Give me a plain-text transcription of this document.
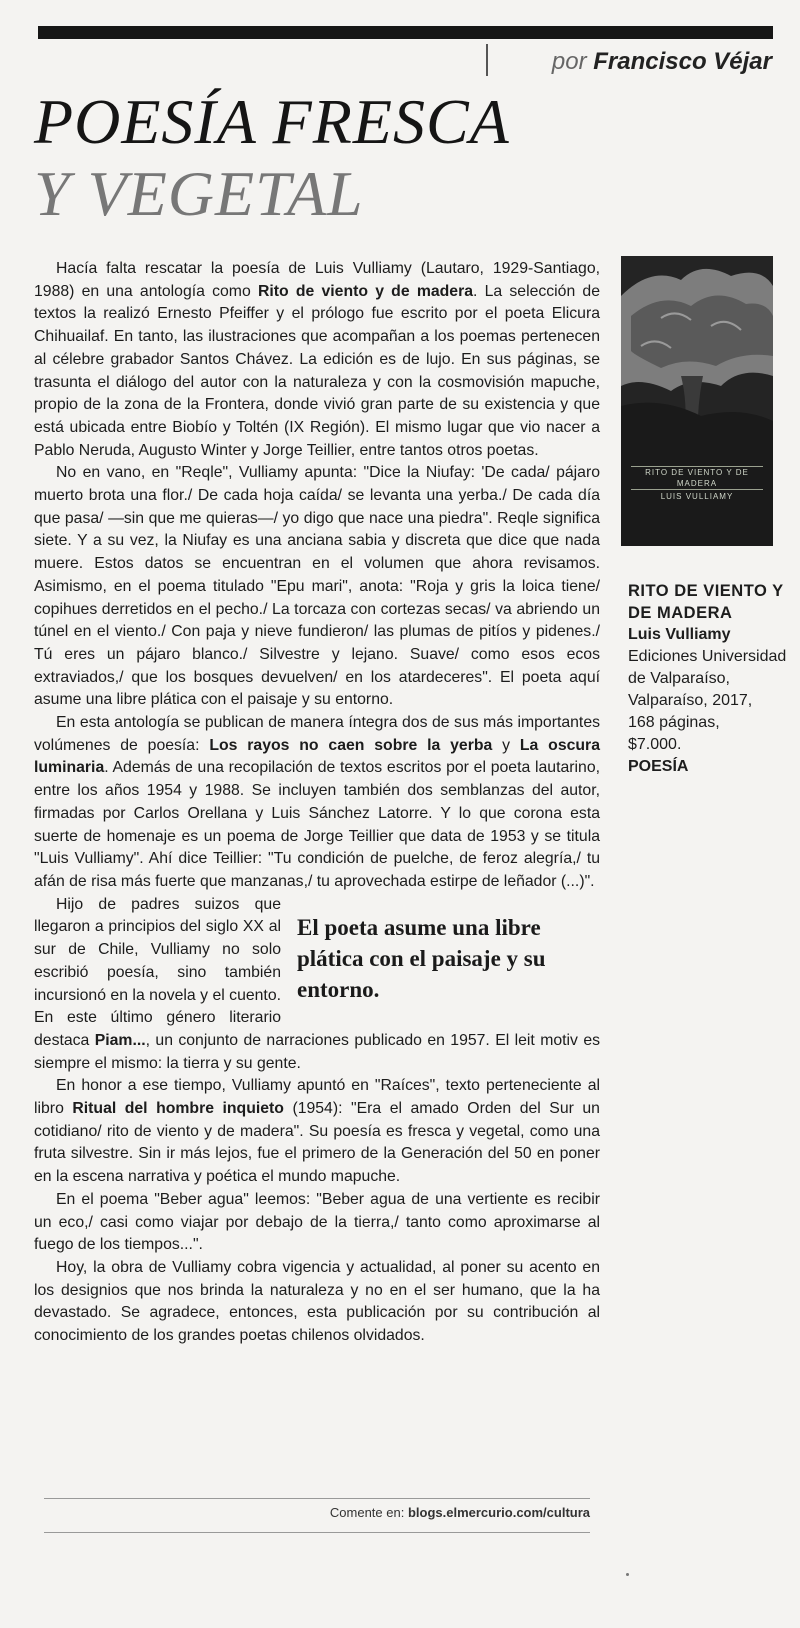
por Francisco Véjar
POESÍA FRESCA
Y VEGETAL

Hacía falta rescatar la poesía de Luis Vulliamy (Lautaro, 1929-Santiago, 1988) en una antología como Rito de viento y de madera. La selección de textos la realizó Ernesto Pfeiffer y el prólogo fue escrito por el poeta Elicura Chihuailaf. En tanto, las ilustraciones que acompañan a los poemas pertenecen al célebre grabador Santos Chávez. La edición es de lujo. En sus páginas, se trasunta el diálogo del autor con la naturaleza y con la cosmovisión mapuche, propio de la zona de la Frontera, donde vivió gran parte de su existencia y que está ubicada entre Biobío y Toltén (IX Región). El mismo lugar que vio nacer a Pablo Neruda, Augusto Winter y Jorge Teillier, entre tantos otros poetas.

No en vano, en "Reqle", Vulliamy apunta: "Dice la Niufay: 'De cada/ pájaro muerto brota una flor./ De cada hoja caída/ se levanta una yerba./ De cada día que pasa/ —sin que me quieras—/ yo digo que nace una piedra". Reqle significa siete. Y a su vez, la Niufay es una anciana sabia y discreta que dice que nada muere. Estos datos se encuentran en el volumen que ahora revisamos. Asimismo, en el poema titulado "Epu mari", anota: "Roja y gris la loica tiene/ copihues derretidos en el pecho./ La torcaza con cortezas secas/ va abriendo un túnel en el viento./ Con paja y nieve fundieron/ las plumas de pitíos y pidenes./ Tú eres un pájaro blanco./ Silvestre y lejano. Suave/ como esos ecos extraviados,/ que los bosques devuelven/ en los atardeceres". El poeta aquí asume una libre plática con el paisaje y su entorno.

En esta antología se publican de manera íntegra dos de sus más importantes volúmenes de poesía: Los rayos no caen sobre la yerba y La oscura luminaria. Además de una recopilación de textos escritos por el poeta lautarino, entre los años 1954 y 1988. Se incluyen también dos semblanzas del autor, firmadas por Carlos Orellana y Luis Sánchez Latorre. Y lo que corona esta suerte de homenaje es un poema de Jorge Teillier que data de 1953 y se titula "Luis Vulliamy". Ahí dice Teillier: "Tu condición de puelche, de feroz alegría,/ tu afán de risa más fuerte que manzanas,/ tu aprovechada estirpe de leñador (...)".

El poeta asume una libre plática con el paisaje y su entorno.

Hijo de padres suizos que llegaron a principios del siglo XX al sur de Chile, Vulliamy no solo escribió poesía, sino también incursionó en la novela y el cuento. En este último género literario destaca Piam..., un conjunto de narraciones publicado en 1957. El leit motiv es siempre el mismo: la tierra y su gente.

En honor a ese tiempo, Vulliamy apuntó en "Raíces", texto perteneciente al libro Ritual del hombre inquieto (1954): "Era el amado Orden del Sur un cotidiano/ rito de viento y de madera". Su poesía es fresca y vegetal, como una fruta silvestre. Sin ir más lejos, fue el primero de la Generación del 50 en poner en la escena narrativa y poética el mundo mapuche.

En el poema "Beber agua" leemos: "Beber agua de una vertiente es recibir un eco,/ casi como viajar por debajo de la tierra,/ tanto como aproximarse al fuego de los tiempos...".

Hoy, la obra de Vulliamy cobra vigencia y actualidad, al poner su acento en los designios que nos brinda la naturaleza y no en el ser humano, que la ha devastado. Se agradece, entonces, esta publicación por su contribución al conocimiento de los grandes poetas chilenos olvidados.

RITO DE VIENTO Y DE MADERA
LUIS VULLIAMY
RITO DE VIENTO Y DE MADERA
Luis Vulliamy
Ediciones Universidad de Valparaíso,
Valparaíso, 2017,
168 páginas,
$7.000.
POESÍA
Comente en: blogs.elmercurio.com/cultura
